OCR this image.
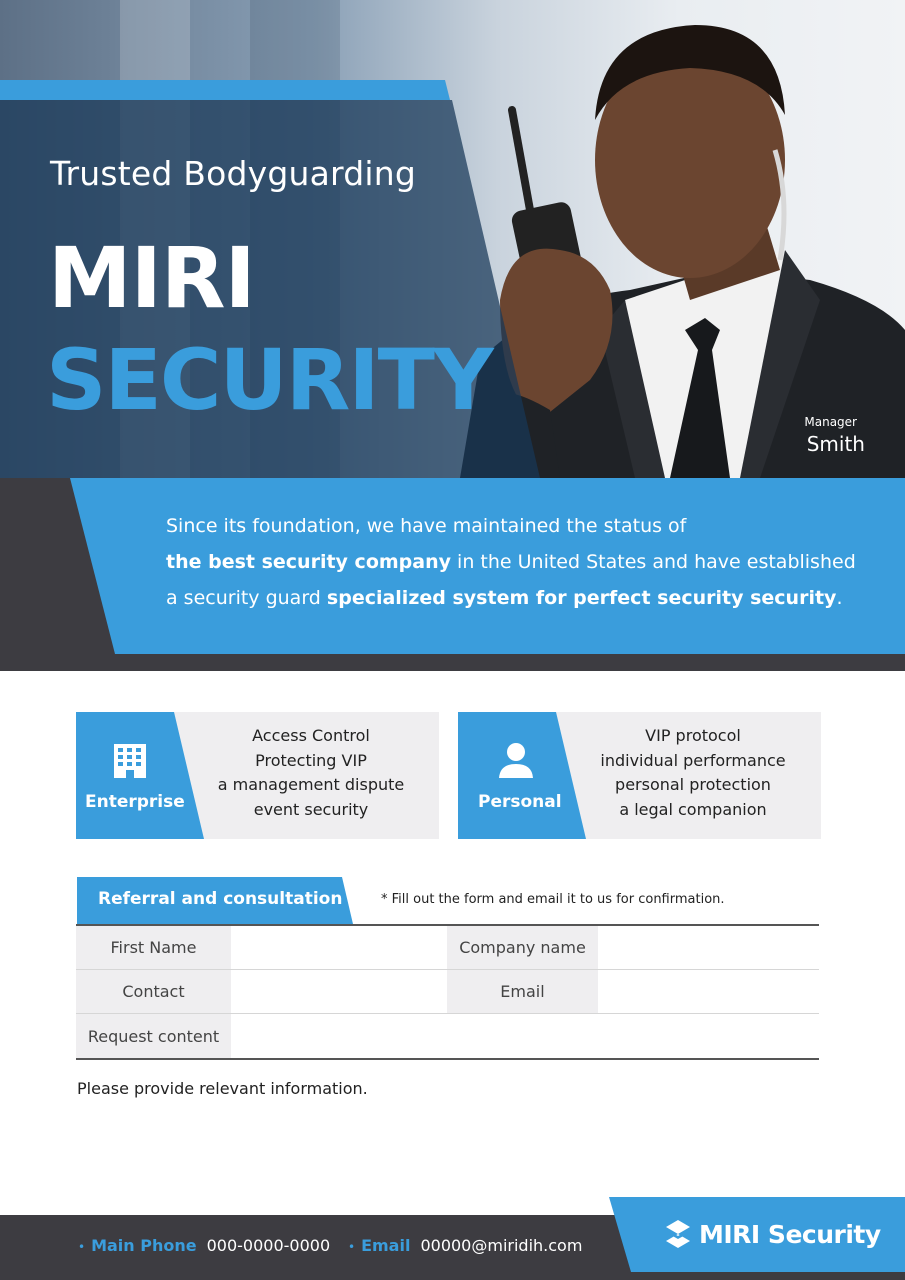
Trusted Bodyguarding
MIRI
SECURITY	Manager
Smith
Since its foundation, we have maintained the status of
the best security company in the United States and have established
a security guard specialized system for perfect security security.
Enterprise
Access Control
Protecting VIP
a management dispute
event security	Personal
VIP protocol
individual performance
personal protection
a legal companion
Referral and consultation	* Fill out the form and email it to us for confirmation.
First Name	Company name
Contact	Email
Request content
Please provide relevant information.
• Main Phone 000-0000-0000 • Email 00000@miridih.com	MIRI Security
